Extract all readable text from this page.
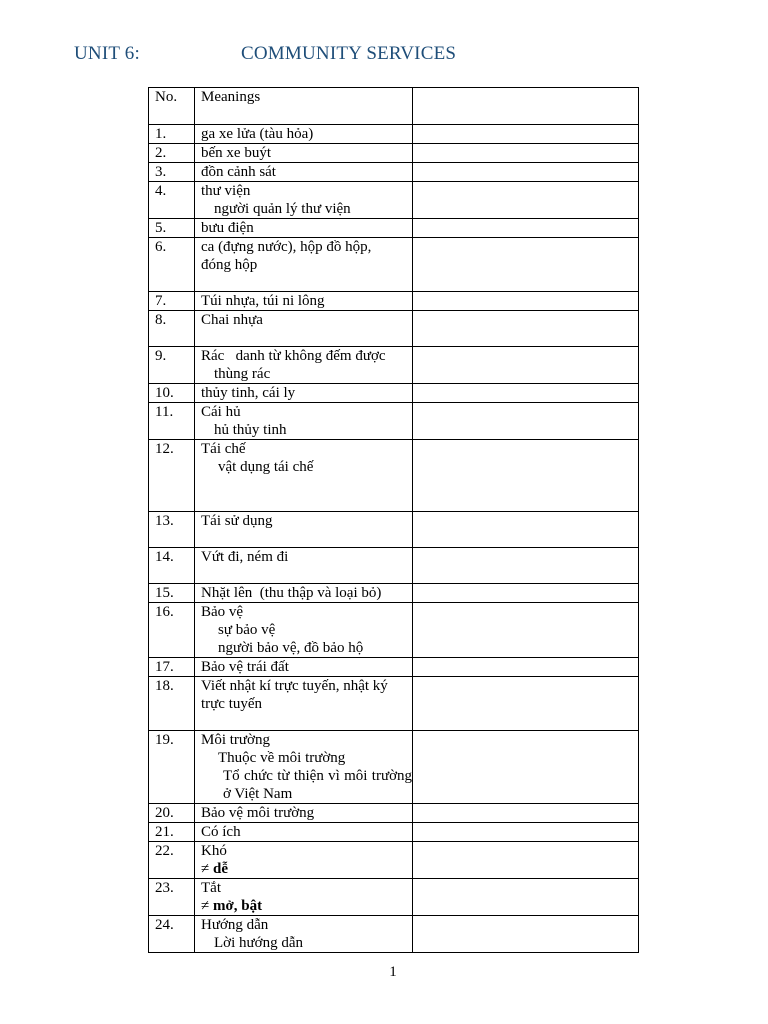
UNIT 6:	COMMUNITY SERVICES
No.	Meanings	
1.	ga xe lửa (tàu hỏa)	
2.	bến xe buýt	
3.	đồn cảnh sát	
4.	thư viện
người quản lý thư viện	

5.	bưu điện	
6.	ca (đựng nước), hộp đồ hộp,
đóng hộp	

7.	Túi nhựa, túi ni lông	
8.	Chai nhựa	
9.	Rác   danh từ không đếm được
thùng rác	

10.	thủy tinh, cái ly	
11.	Cái hủ
hủ thủy tinh	

12.	Tái chế
vật dụng tái chế	

13.	Tái sử dụng	
14.	Vứt đi, ném đi	
15.	Nhặt lên  (thu thập và loại bỏ)	
16.	Bảo vệ
sự bảo vệ
người bảo vệ, đồ bảo hộ	

17.	Bảo vệ trái đất	
18.	Viết nhật kí trực tuyến, nhật ký
trực tuyến	

19.	Môi trường
Thuộc về môi trường
Tổ chức từ thiện vì môi trường ở Việt Nam	

20.	Bảo vệ môi trường	
21.	Có ích	
22.	Khó
≠ dễ	

23.	Tắt
≠ mở, bật	

24.	Hướng dẫn
Lời hướng dẫn	

1
